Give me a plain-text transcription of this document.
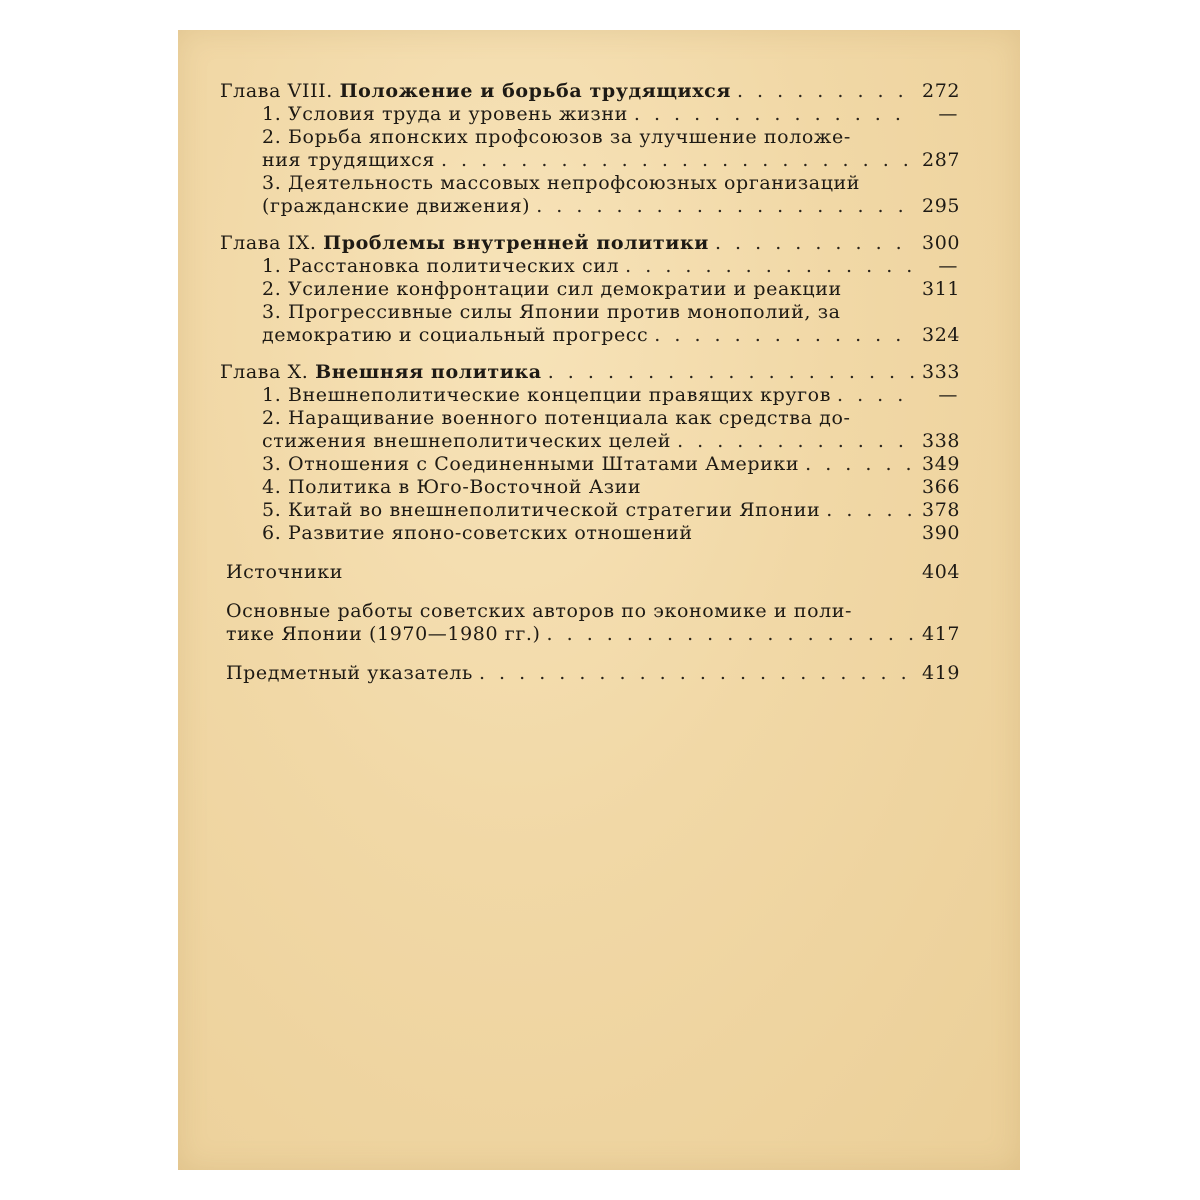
Глава VIII. Положение и борьба трудящихся . . .	272
1. Условия труда и уровень жизни . . .	—
2. Борьба японских профсоюзов за улучшение положе-
ния трудящихся . . .	287
3. Деятельность массовых непрофсоюзных организаций
(гражданские движения) . . .	295
Глава IX. Проблемы внутренней политики . . .	300
1. Расстановка политических сил . . .	—
2. Усиление конфронтации сил демократии и реакции	311
3. Прогрессивные силы Японии против монополий, за
демократию и социальный прогресс . . .	324
Глава X. Внешняя политика . . .	333
1. Внешнеполитические концепции правящих кругов . . .	—
2. Наращивание военного потенциала как средства до-
стижения внешнеполитических целей . . .	338
3. Отношения с Соединенными Штатами Америки . . .	349
4. Политика в Юго-Восточной Азии	366
5. Китай во внешнеполитической стратегии Японии . . .	378
6. Развитие японо-советских отношений	390
Источники	404
Основные работы советских авторов по экономике и поли-
тике Японии (1970—1980 гг.) . . .	417
Предметный указатель . . .	419
